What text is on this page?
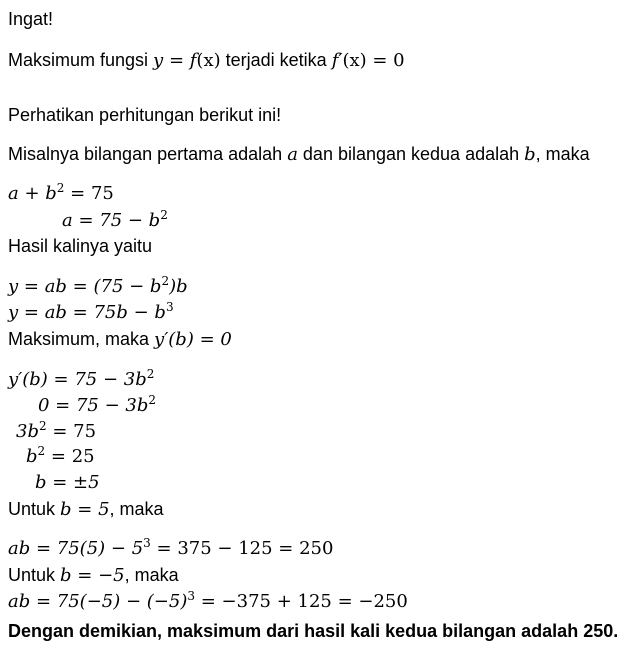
Ingat!
Maksimum fungsi y = f(x) terjadi ketika f′(x) = 0
Perhatikan perhitungan berikut ini!
Misalnya bilangan pertama adalah a dan bilangan kedua adalah b, maka
$a + b^2 = 75$
$a = 75 - b^2$
Hasil kalinya yaitu
y = ab = $(75 - b^2)b$
y = ab = $75b - b^3$
Maksimum, maka y′(b) = 0
$y'(b) = 75 - 3b^2$
$0 = 75 - 3b^2$
$3b^2 = 75$
$b^2 = 25$
b = ±5
Untuk b = 5, maka
ab = $75(5) - 5^3 = 375 - 125 = 250$
Untuk b = −5, maka
ab = $75(-5) - (-5)^3 = -375 + 125 = -250$
Dengan demikian, maksimum dari hasil kali kedua bilangan adalah 250.
